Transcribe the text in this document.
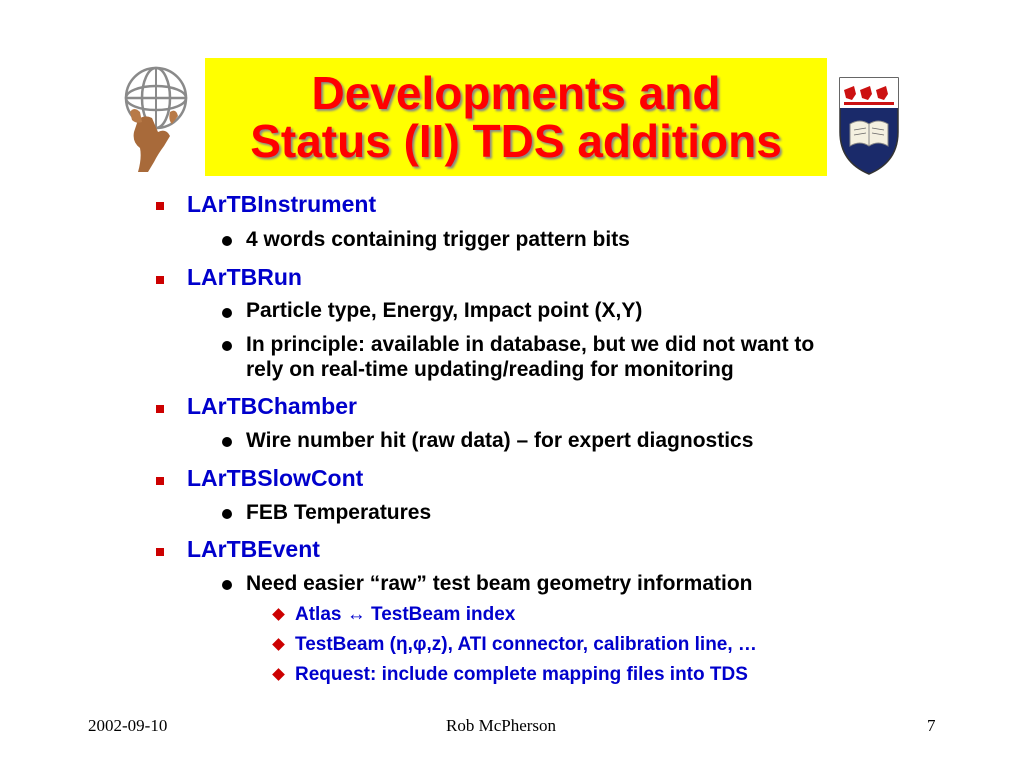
Developments and
Status (II) TDS additions
LArTBInstrument
4 words containing trigger pattern bits
LArTBRun
Particle type, Energy, Impact point (X,Y)
In principle: available in database, but we did not want to
rely on real-time updating/reading for monitoring
LArTBChamber
Wire number hit (raw data) – for expert diagnostics
LArTBSlowCont
FEB Temperatures
LArTBEvent
Need easier “raw” test beam geometry information
Atlas ↔ TestBeam index
TestBeam (η,φ,z), ATI connector, calibration line, …
Request: include complete mapping files into TDS
2002-09-10	Rob McPherson	7
